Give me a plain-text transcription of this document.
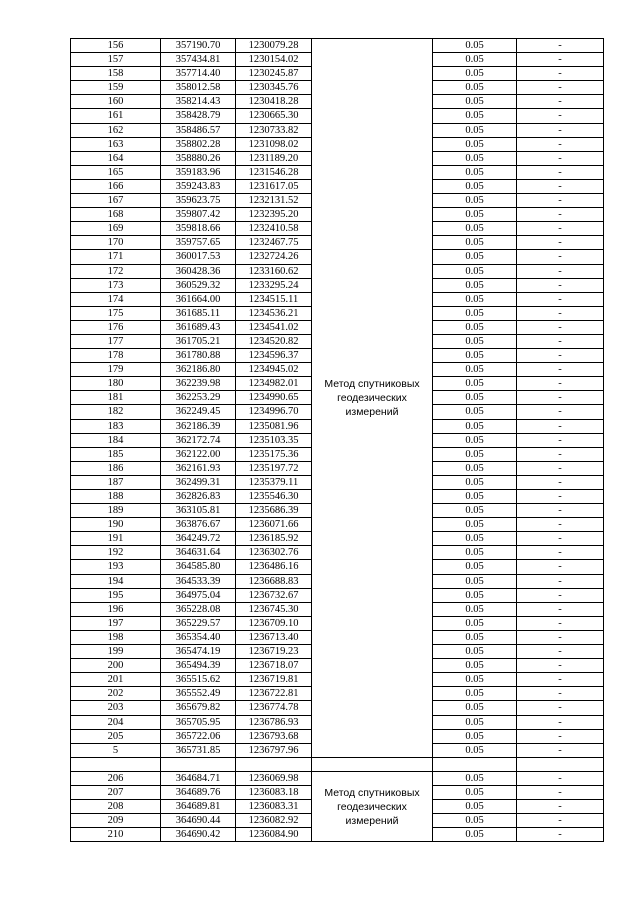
156	357190.70	1230079.28	Метод спутниковых геодезических измерений	0.05	-
157	357434.81	1230154.02		0.05	-
158	357714.40	1230245.87		0.05	-
159	358012.58	1230345.76		0.05	-
160	358214.43	1230418.28		0.05	-
161	358428.79	1230665.30		0.05	-
162	358486.57	1230733.82		0.05	-
163	358802.28	1231098.02		0.05	-
164	358880.26	1231189.20		0.05	-
165	359183.96	1231546.28		0.05	-
166	359243.83	1231617.05		0.05	-
167	359623.75	1232131.52		0.05	-
168	359807.42	1232395.20		0.05	-
169	359818.66	1232410.58		0.05	-
170	359757.65	1232467.75		0.05	-
171	360017.53	1232724.26		0.05	-
172	360428.36	1233160.62		0.05	-
173	360529.32	1233295.24		0.05	-
174	361664.00	1234515.11		0.05	-
175	361685.11	1234536.21		0.05	-
176	361689.43	1234541.02		0.05	-
177	361705.21	1234520.82		0.05	-
178	361780.88	1234596.37		0.05	-
179	362186.80	1234945.02		0.05	-
180	362239.98	1234982.01		0.05	-
181	362253.29	1234990.65		0.05	-
182	362249.45	1234996.70		0.05	-
183	362186.39	1235081.96		0.05	-
184	362172.74	1235103.35		0.05	-
185	362122.00	1235175.36		0.05	-
186	362161.93	1235197.72		0.05	-
187	362499.31	1235379.11		0.05	-
188	362826.83	1235546.30		0.05	-
189	363105.81	1235686.39		0.05	-
190	363876.67	1236071.66		0.05	-
191	364249.72	1236185.92		0.05	-
192	364631.64	1236302.76		0.05	-
193	364585.80	1236486.16		0.05	-
194	364533.39	1236688.83		0.05	-
195	364975.04	1236732.67		0.05	-
196	365228.08	1236745.30		0.05	-
197	365229.57	1236709.10		0.05	-
198	365354.40	1236713.40		0.05	-
199	365474.19	1236719.23		0.05	-
200	365494.39	1236718.07		0.05	-
201	365515.62	1236719.81		0.05	-
202	365552.49	1236722.81		0.05	-
203	365679.82	1236774.78		0.05	-
204	365705.95	1236786.93		0.05	-
205	365722.06	1236793.68		0.05	-
5	365731.85	1236797.96		0.05	-

206	364684.71	1236069.98	Метод спутниковых геодезических измерений	0.05	-
207	364689.76	1236083.18		0.05	-
208	364689.81	1236083.31		0.05	-
209	364690.44	1236082.92		0.05	-
210	364690.42	1236084.90		0.05	-
